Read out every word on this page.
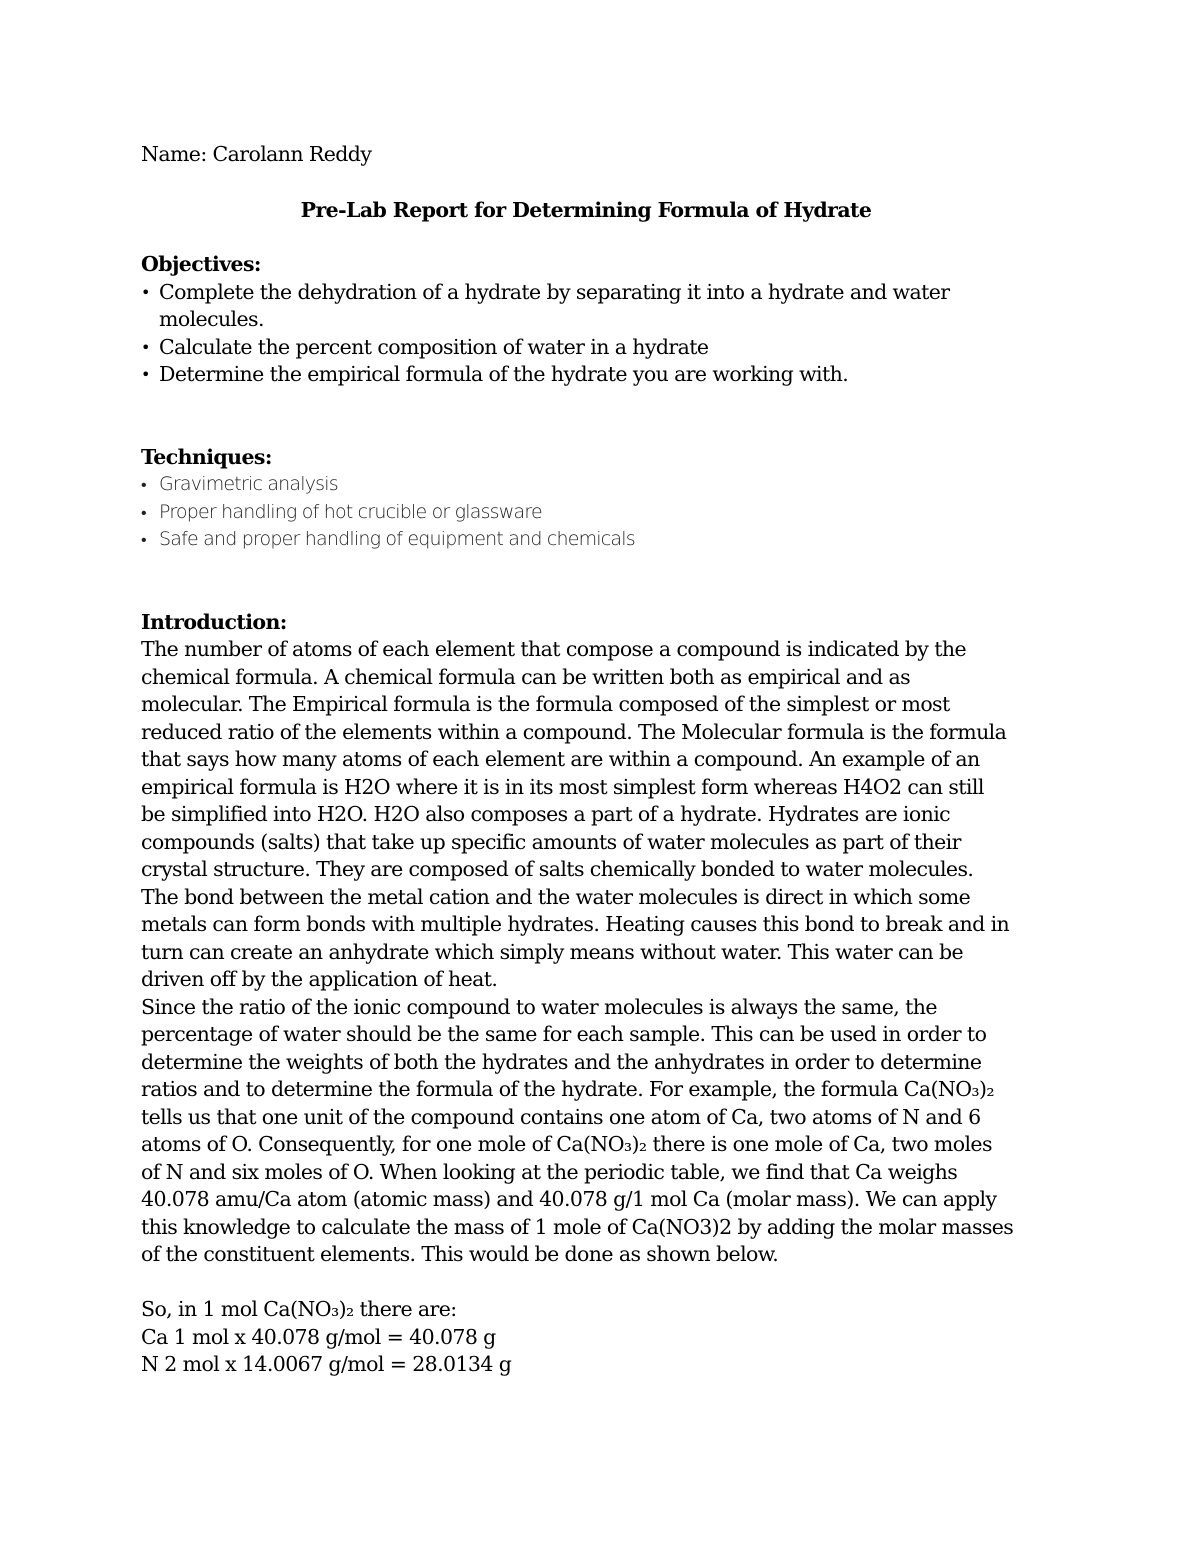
Name: Carolann Reddy
Pre-Lab Report for Determining Formula of Hydrate
Objectives:
• Complete the dehydration of a hydrate by separating it into a hydrate and water
molecules.
• Calculate the percent composition of water in a hydrate
• Determine the empirical formula of the hydrate you are working with.
Techniques:
• Gravimetric analysis
• Proper handling of hot crucible or glassware
• Safe and proper handling of equipment and chemicals
Introduction:
The number of atoms of each element that compose a compound is indicated by the
chemical formula. A chemical formula can be written both as empirical and as
molecular. The Empirical formula is the formula composed of the simplest or most
reduced ratio of the elements within a compound. The Molecular formula is the formula
that says how many atoms of each element are within a compound. An example of an
empirical formula is H2O where it is in its most simplest form whereas H4O2 can still
be simplified into H2O. H2O also composes a part of a hydrate. Hydrates are ionic
compounds (salts) that take up specific amounts of water molecules as part of their
crystal structure. They are composed of salts chemically bonded to water molecules.
The bond between the metal cation and the water molecules is direct in which some
metals can form bonds with multiple hydrates. Heating causes this bond to break and in
turn can create an anhydrate which simply means without water. This water can be
driven off by the application of heat.
Since the ratio of the ionic compound to water molecules is always the same, the
percentage of water should be the same for each sample. This can be used in order to
determine the weights of both the hydrates and the anhydrates in order to determine
ratios and to determine the formula of the hydrate. For example, the formula Ca(NO₃)₂
tells us that one unit of the compound contains one atom of Ca, two atoms of N and 6
atoms of O. Consequently, for one mole of Ca(NO₃)₂ there is one mole of Ca, two moles
of N and six moles of O. When looking at the periodic table, we find that Ca weighs
40.078 amu/Ca atom (atomic mass) and 40.078 g/1 mol Ca (molar mass). We can apply
this knowledge to calculate the mass of 1 mole of Ca(NO3)2 by adding the molar masses
of the constituent elements. This would be done as shown below.
So, in 1 mol Ca(NO₃)₂ there are:
Ca 1 mol x 40.078 g/mol = 40.078 g
N 2 mol x 14.0067 g/mol = 28.0134 g
